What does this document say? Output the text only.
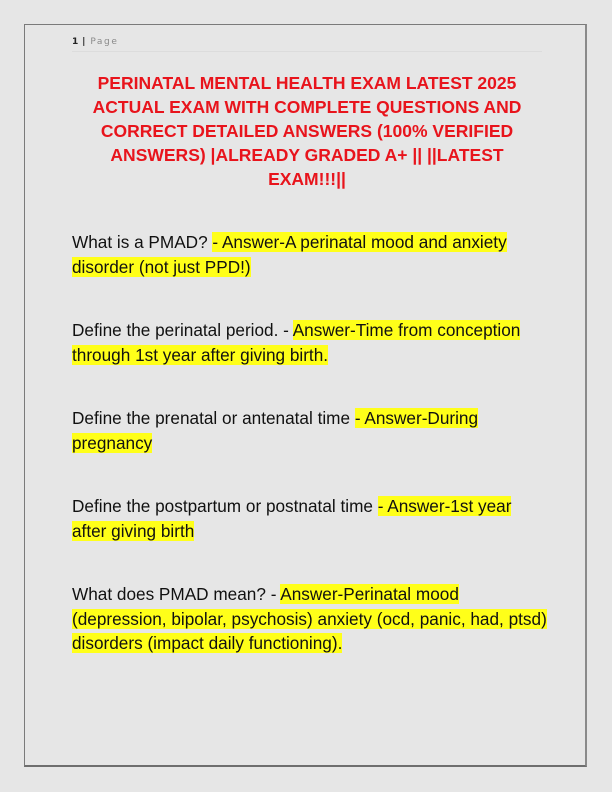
1 | Page
PERINATAL MENTAL HEALTH EXAM LATEST 2025 ACTUAL EXAM WITH COMPLETE QUESTIONS AND CORRECT DETAILED ANSWERS (100% VERIFIED ANSWERS) |ALREADY GRADED A+ || ||LATEST EXAM!!!||
What is a PMAD? - Answer-A perinatal mood and anxiety disorder (not just PPD!)
Define the perinatal period. - Answer-Time from conception through 1st year after giving birth.
Define the prenatal or antenatal time - Answer-During pregnancy
Define the postpartum or postnatal time - Answer-1st year after giving birth
What does PMAD mean? - Answer-Perinatal mood (depression, bipolar, psychosis) anxiety (ocd, panic, had, ptsd) disorders (impact daily functioning).
